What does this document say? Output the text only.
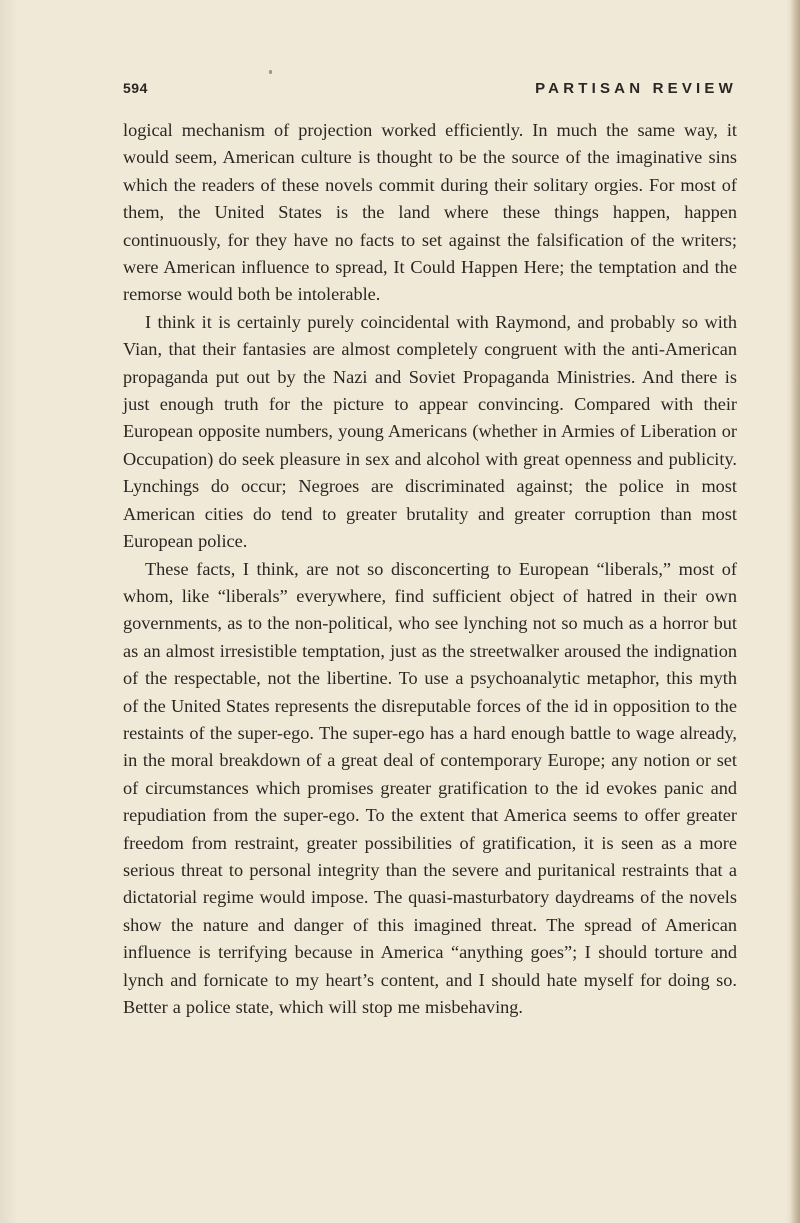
594	PARTISAN REVIEW

logical mechanism of projection worked efficiently. In much the same way, it would seem, American culture is thought to be the source of the imaginative sins which the readers of these novels commit during their solitary orgies. For most of them, the United States is the land where these things happen, happen continuously, for they have no facts to set against the falsification of the writers; were American influence to spread, It Could Happen Here; the temptation and the remorse would both be intolerable.

I think it is certainly purely coincidental with Raymond, and probably so with Vian, that their fantasies are almost completely congruent with the anti-American propaganda put out by the Nazi and Soviet Propaganda Ministries. And there is just enough truth for the picture to appear convincing. Compared with their European opposite numbers, young Americans (whether in Armies of Liberation or Occupation) do seek pleasure in sex and alcohol with great openness and publicity. Lynchings do occur; Negroes are discriminated against; the police in most American cities do tend to greater brutality and greater corruption than most European police.

These facts, I think, are not so disconcerting to European “liberals,” most of whom, like “liberals” everywhere, find sufficient object of hatred in their own governments, as to the non-political, who see lynching not so much as a horror but as an almost irresistible temptation, just as the streetwalker aroused the indignation of the respectable, not the libertine. To use a psychoanalytic metaphor, this myth of the United States represents the disreputable forces of the id in opposition to the restaints of the super-ego. The super-ego has a hard enough battle to wage already, in the moral breakdown of a great deal of contemporary Europe; any notion or set of circumstances which promises greater gratification to the id evokes panic and repudiation from the super-ego. To the extent that America seems to offer greater freedom from restraint, greater possibilities of gratification, it is seen as a more serious threat to personal integrity than the severe and puritanical restraints that a dictatorial regime would impose. The quasi-masturbatory daydreams of the novels show the nature and danger of this imagined threat. The spread of American influence is terrifying because in America “anything goes”; I should torture and lynch and fornicate to my heart’s content, and I should hate myself for doing so. Better a police state, which will stop me misbehaving.
